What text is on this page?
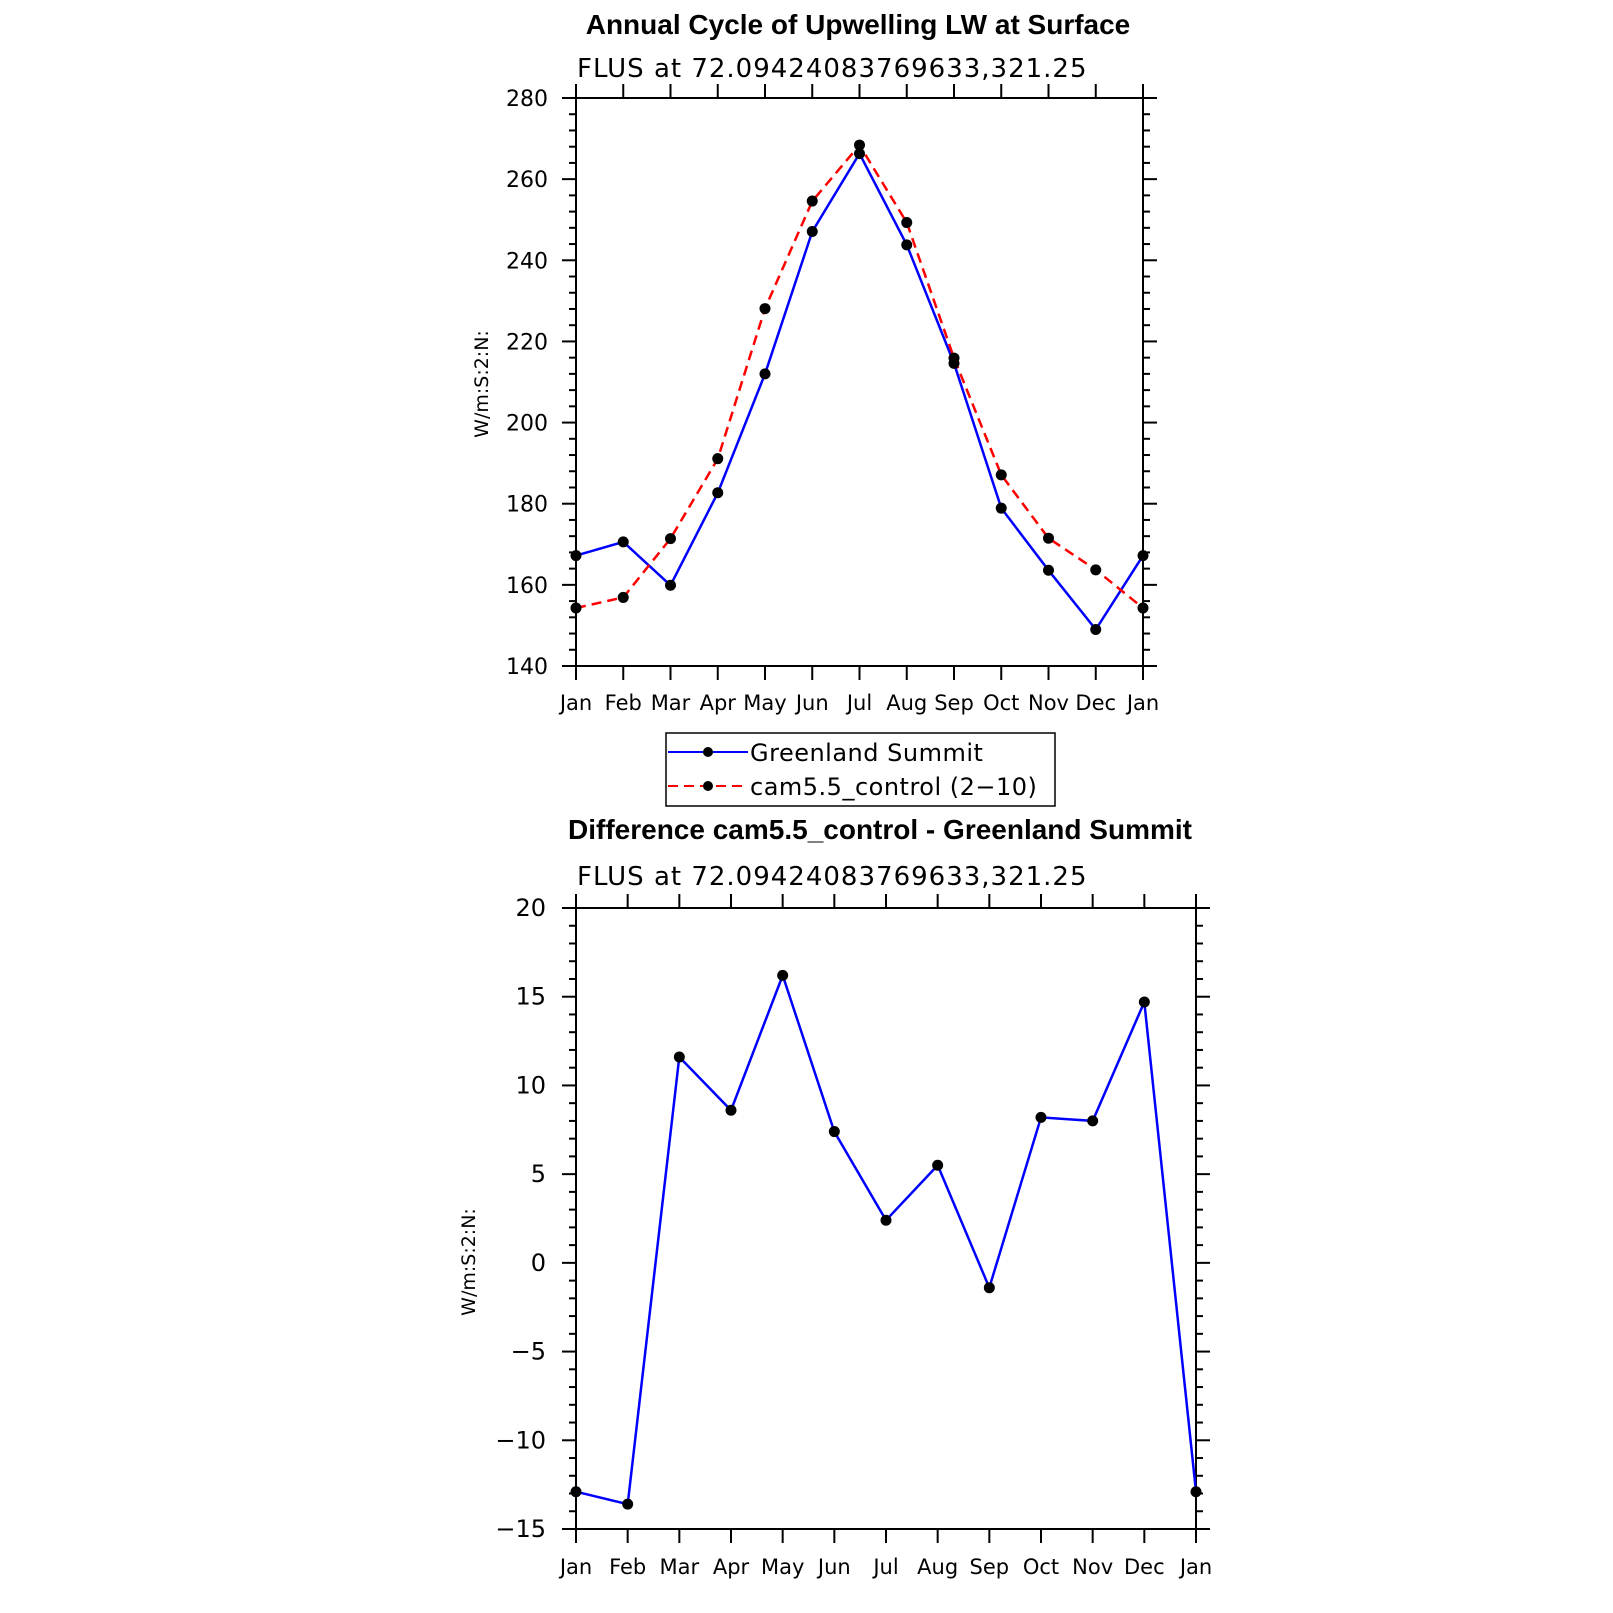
Annual Cycle of Upwelling LW at Surface
FLUS at 72.09424083769633,321.25
W/m:S:2:N:
140
160
180
200
220
240
260
280
Jan Feb Mar Apr May Jun Jul Aug Sep Oct Nov Dec Jan
Greenland Summit
cam5.5_control (2−10)
Difference cam5.5_control - Greenland Summit
FLUS at 72.09424083769633,321.25
W/m:S:2:N:
−15
−10
−5
0
5
10
15
20
Jan Feb Mar Apr May Jun Jul Aug Sep Oct Nov Dec Jan
